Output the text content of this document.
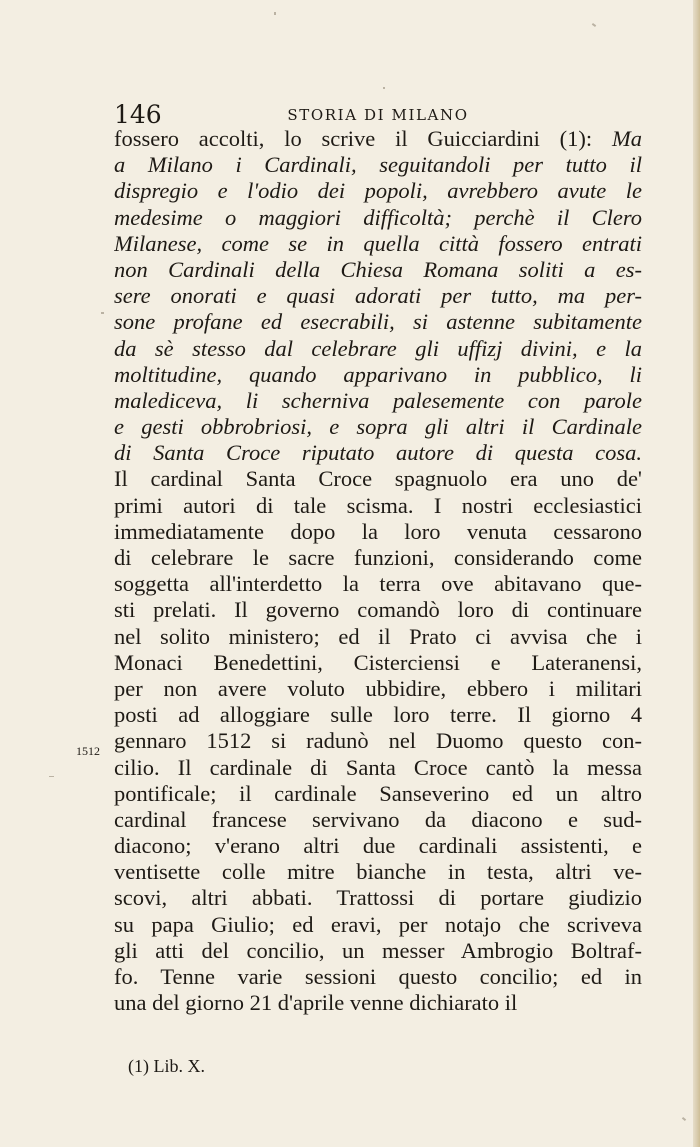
146	STORIA DI MILANO
fossero accolti, lo scrive il Guicciardini (1): Ma
a Milano i Cardinali, seguitandoli per tutto il
dispregio e l'odio dei popoli, avrebbero avute le
medesime o maggiori difficoltà; perchè il Clero
Milanese, come se in quella città fossero entrati
non Cardinali della Chiesa Romana soliti a es-
sere onorati e quasi adorati per tutto, ma per-
sone profane ed esecrabili, si astenne subitamente
da sè stesso dal celebrare gli uffizj divini, e la
moltitudine, quando apparivano in pubblico, li
malediceva, li scherniva palesemente con parole
e gesti obbrobriosi, e sopra gli altri il Cardinale
di Santa Croce riputato autore di questa cosa.
Il cardinal Santa Croce spagnuolo era uno de'
primi autori di tale scisma. I nostri ecclesiastici
immediatamente dopo la loro venuta cessarono
di celebrare le sacre funzioni, considerando come
soggetta all'interdetto la terra ove abitavano que-
sti prelati. Il governo comandò loro di continuare
nel solito ministero; ed il Prato ci avvisa che i
Monaci Benedettini, Cisterciensi e Lateranensi,
per non avere voluto ubbidire, ebbero i militari
posti ad alloggiare sulle loro terre. Il giorno 4
gennaro 1512 si radunò nel Duomo questo con-
cilio. Il cardinale di Santa Croce cantò la messa
pontificale; il cardinale Sanseverino ed un altro
cardinal francese servivano da diacono e sud-
diacono; v'erano altri due cardinali assistenti, e
ventisette colle mitre bianche in testa, altri ve-
scovi, altri abbati. Trattossi di portare giudizio
su papa Giulio; ed eravi, per notajo che scriveva
gli atti del concilio, un messer Ambrogio Boltraf-
fo. Tenne varie sessioni questo concilio; ed in
una del giorno 21 d'aprile venne dichiarato il
1512
(1) Lib. X.
